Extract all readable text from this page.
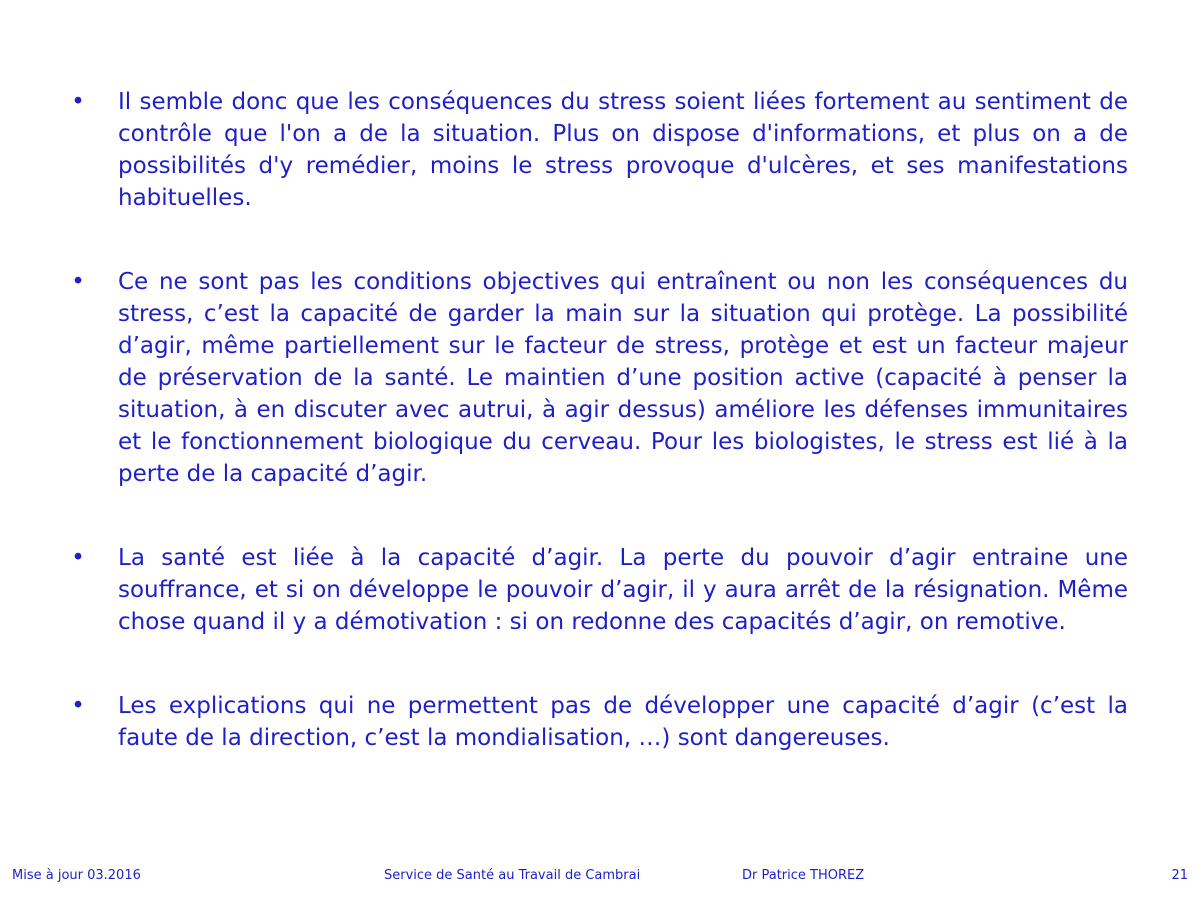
• Il semble donc que les conséquences du stress soient liées fortement au sentiment de contrôle que l'on a de la situation. Plus on dispose d'informations, et plus on a de possibilités d'y remédier, moins le stress provoque d'ulcères, et ses manifestations habituelles.
• Ce ne sont pas les conditions objectives qui entraînent ou non les conséquences du stress, c’est la capacité de garder la main sur la situation qui protège. La possibilité d’agir, même partiellement sur le facteur de stress, protège et est un facteur majeur de préservation de la santé. Le maintien d’une position active (capacité à penser la situation, à en discuter avec autrui, à agir dessus) améliore les défenses immunitaires et le fonctionnement biologique du cerveau. Pour les biologistes, le stress est lié à la perte de la capacité d’agir.
• La santé est liée à la capacité d’agir. La perte du pouvoir d’agir entraine une souffrance, et si on développe le pouvoir d’agir, il y aura arrêt de la résignation. Même chose quand il y a démotivation : si on redonne des capacités d’agir, on remotive.
• Les explications qui ne permettent pas de développer une capacité d’agir (c’est la faute de la direction, c’est la mondialisation, …) sont dangereuses.
Mise à jour 03.2016	Service de Santé au Travail de Cambrai	Dr Patrice THOREZ	21
